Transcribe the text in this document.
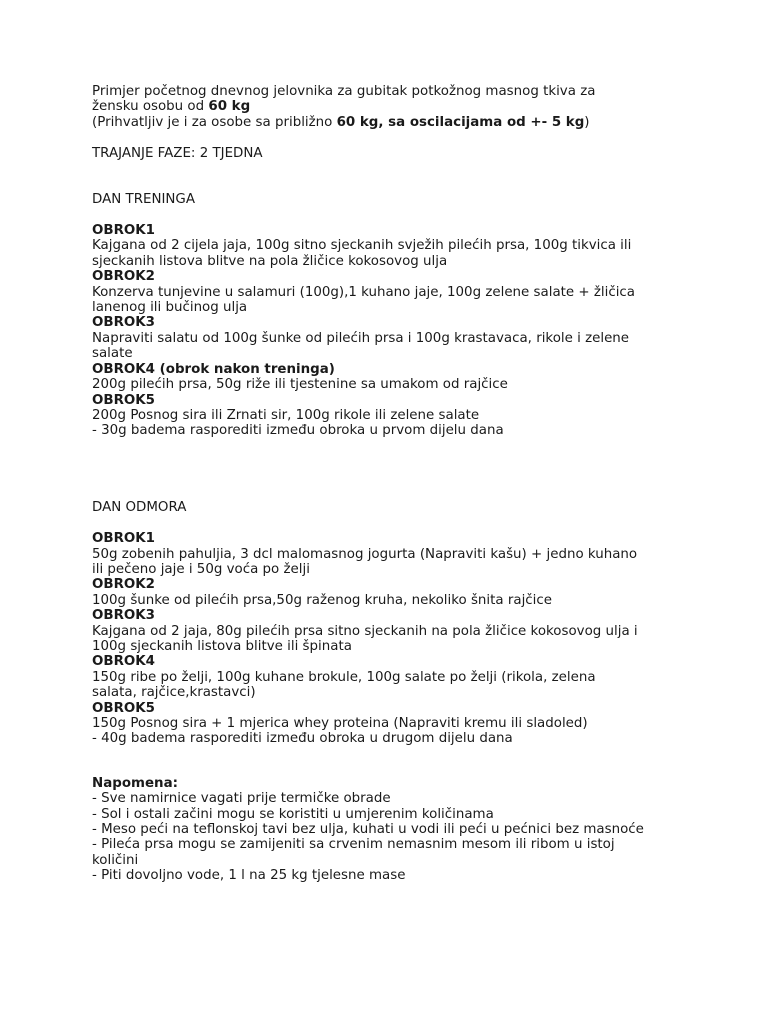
Primjer početnog dnevnog jelovnika za gubitak potkožnog masnog tkiva za
žensku osobu od 60 kg
(Prihvatljiv je i za osobe sa približno 60 kg, sa oscilacijama od +- 5 kg)
TRAJANJE FAZE: 2 TJEDNA
DAN TRENINGA
OBROK1
Kajgana od 2 cijela jaja, 100g sitno sjeckanih svježih pilećih prsa, 100g tikvica ili
sjeckanih listova blitve na pola žličice kokosovog ulja
OBROK2
Konzerva tunjevine u salamuri (100g),1 kuhano jaje, 100g zelene salate + žličica
lanenog ili bučinog ulja
OBROK3
Napraviti salatu od 100g šunke od pilećih prsa i 100g krastavaca, rikole i zelene
salate
OBROK4 (obrok nakon treninga)
200g pilećih prsa, 50g riže ili tjestenine sa umakom od rajčice
OBROK5
200g Posnog sira ili Zrnati sir, 100g rikole ili zelene salate
- 30g badema rasporediti između obroka u prvom dijelu dana
DAN ODMORA
OBROK1
50g zobenih pahuljia, 3 dcl malomasnog jogurta (Napraviti kašu) + jedno kuhano
ili pečeno jaje i 50g voća po želji
OBROK2
100g šunke od pilećih prsa,50g raženog kruha, nekoliko šnita rajčice
OBROK3
Kajgana od 2 jaja, 80g pilećih prsa sitno sjeckanih na pola žličice kokosovog ulja i
100g sjeckanih listova blitve ili špinata
OBROK4
150g ribe po želji, 100g kuhane brokule, 100g salate po želji (rikola, zelena
salata, rajčice,krastavci)
OBROK5
150g Posnog sira + 1 mjerica whey proteina (Napraviti kremu ili sladoled)
- 40g badema rasporediti između obroka u drugom dijelu dana
Napomena:
- Sve namirnice vagati prije termičke obrade
- Sol i ostali začini mogu se koristiti u umjerenim količinama
- Meso peći na teflonskoj tavi bez ulja, kuhati u vodi ili peći u pećnici bez masnoće
- Pileća prsa mogu se zamijeniti sa crvenim nemasnim mesom ili ribom u istoj
količini
- Piti dovoljno vode, 1 l na 25 kg tjelesne mase
